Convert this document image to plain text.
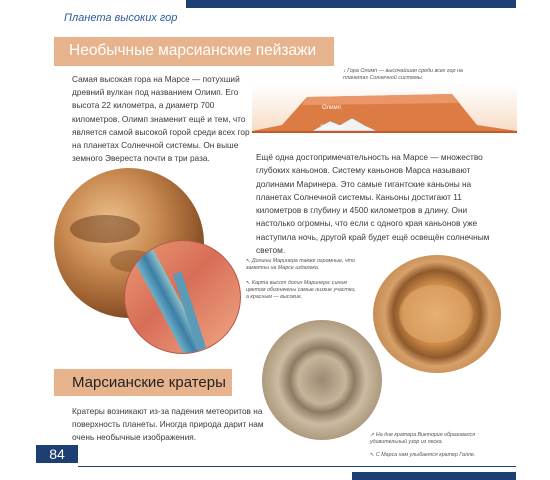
Планета высоких гор
Необычные марсианские пейзажи
Самая высокая гора на Марсе — потухший древний вулкан под названием Олимп. Его высота 22 километра, а диаметр 700 километров. Олимп знаменит ещё и тем, что является самой высокой горой среди всех гор на планетах Солнечной системы. Он выше земного Эвереста почти в три раза.
↓ Гора Олимп — высочайшая среди всех гор на планетах Солнечной системы.
Олимп
Эверест
Ещё одна достопримечательность на Марсе — множество глубоких каньонов. Систему каньонов Марса называют долинами Маринера. Это самые гигантские каньоны на планетах Солнечной системы. Каньоны достигают 11 километров в глубину и 4500 километров в длину. Они настолько огромны, что если с одного края каньонов уже наступила ночь, другой край будет ещё освещён солнечным светом.
↖ Долины Маринера также огромные, что заметны на Марсе издалека.
↖ Карта высот долин Маринера: синим цветом обозначены самые низкие участки, а красным — высокие.
Марсианские кратеры
Кратеры возникают из-за падения метеоритов на поверхность планеты. Иногда природа дарит нам очень необычные изображения.	↗ На дне кратера Виктория образовался удивительный узор из песка.
↖ С Марса нам улыбается кратер Галле.
84
